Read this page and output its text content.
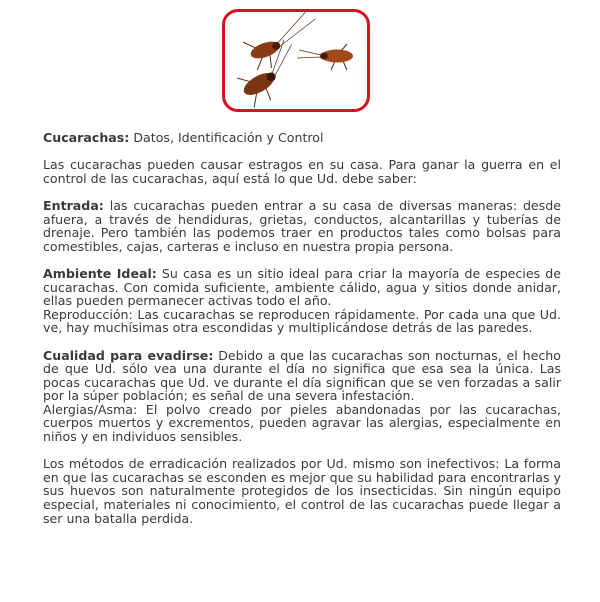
Cucarachas: Datos, Identificación y Control

Las cucarachas pueden causar estragos en su casa. Para ganar la guerra en el control de las cucarachas, aquí está lo que Ud. debe saber:

Entrada: las cucarachas pueden entrar a su casa de diversas maneras: desde afuera, a través de hendiduras, grietas, conductos, alcantarillas y tuberías de drenaje. Pero también las podemos traer en productos tales como bolsas para comestibles, cajas, carteras e incluso en nuestra propia persona.

Ambiente Ideal: Su casa es un sitio ideal para criar la mayoría de especies de cucarachas. Con comida suficiente, ambiente cálido, agua y sitios donde anidar, ellas pueden permanecer activas todo el año.

Reproducción: Las cucarachas se reproducen rápidamente. Por cada una que Ud. ve, hay muchísimas otra escondidas y multiplicándose detrás de las paredes.

Cualidad para evadirse: Debido a que las cucarachas son nocturnas, el hecho de que Ud. sólo vea una durante el día no significa que esa sea la única. Las pocas cucarachas que Ud. ve durante el día significan que se ven forzadas a salir por la súper población; es señal de una severa infestación.

Alergias/Asma: El polvo creado por pieles abandonadas por las cucarachas, cuerpos muertos y excrementos, pueden agravar las alergias, especialmente en niños y en individuos sensibles.

Los métodos de erradicación realizados por Ud. mismo son inefectivos: La forma en que las cucarachas se esconden es mejor que su habilidad para encontrarlas y sus huevos son naturalmente protegidos de los insecticidas. Sin ningún equipo especial, materiales ni conocimiento, el control de las cucarachas puede llegar a ser una batalla perdida.
